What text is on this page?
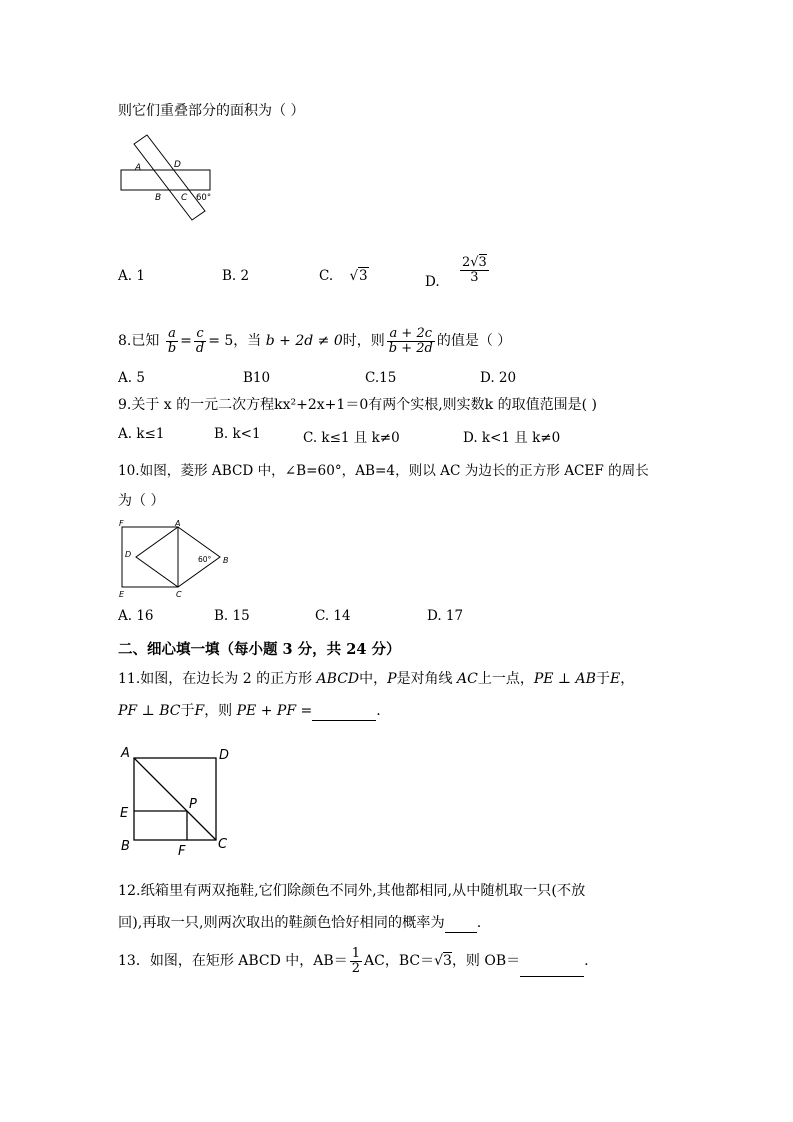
则它们重叠部分的面积为（ ）
A	D
B C 60°
A. 1	B. 2	C. √3	D. $\frac{2√3}{3}$
8.已知 $\frac{a}{b} = \frac{c}{d} = 5$，当 b + 2d ≠ 0时，则 $\frac{a + 2c}{b + 2d}$ 的值是（ ）
A. 5	B10	C.15	D. 20
9.关于 x 的一元二次方程kx²+2x+1＝0有两个实根,则实数k 的取值范围是( )
A. k≤1	B. k<1	C. k≤1 且 k≠0	D. k<1 且 k≠0
10.如图，菱形 ABCD 中，∠B=60°，AB=4，则以 AC 为边长的正方形 ACEF 的周长
为（ ）
F	A
D
60° B
E	C
A. 16	B. 15	C. 14	D. 17
二、细心填一填（每小题 3 分，共 24 分）
11.如图，在边长为 2 的正方形 ABCD中，P是对角线 AC上一点，PE ⊥ AB于E，
PF ⊥ BC于F，则 PE + PF =	.
A	D
P
E
C
B	F
12.纸箱里有两双拖鞋,它们除颜色不同外,其他都相同,从中随机取一只(不放
回),再取一只,则两次取出的鞋颜色恰好相同的概率为 .
13．如图，在矩形 ABCD 中，$AB= \frac{1}{2}$ AC，BC＝√3，则 OB＝	.
